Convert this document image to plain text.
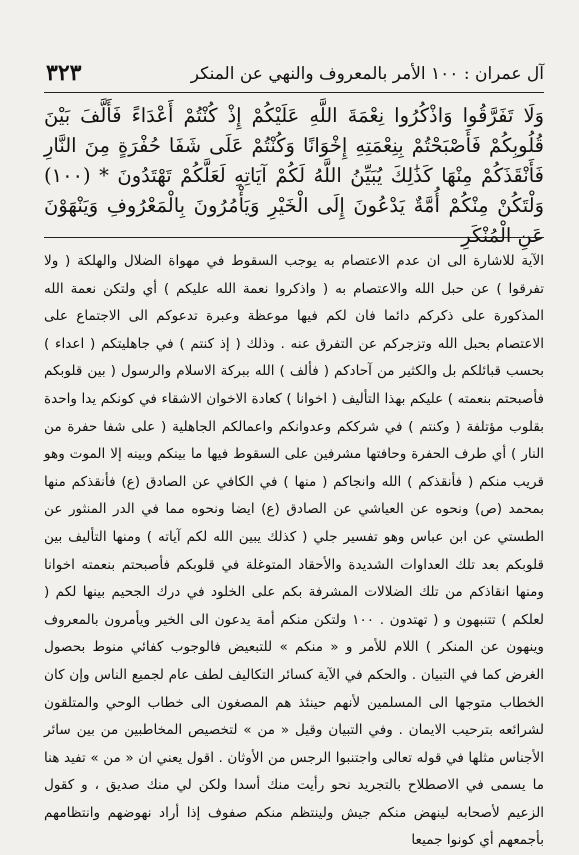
آل عمران : ١٠٠ الأمر بالمعروف والنهي عن المنكر
٣٢٣
وَلَا تَفَرَّقُوا وَاذْكُرُوا نِعْمَةَ اللَّهِ عَلَيْكُمْ إِذْ كُنْتُمْ أَعْدَاءً فَأَلَّفَ بَيْنَ قُلُوبِكُمْ فَأَصْبَحْتُمْ بِنِعْمَتِهِ إِخْوَانًا وَكُنْتُمْ عَلَى شَفَا حُفْرَةٍ مِنَ النَّارِ فَأَنْقَذَكُمْ مِنْهَا كَذَٰلِكَ يُبَيِّنُ اللَّهُ لَكُمْ آيَاتِهِ لَعَلَّكُمْ تَهْتَدُونَ * (١٠٠) وَلْتَكُنْ مِنْكُمْ أُمَّةٌ يَدْعُونَ إِلَى الْخَيْرِ وَيَأْمُرُونَ بِالْمَعْرُوفِ وَيَنْهَوْنَ عَنِ الْمُنْكَرِ
الآية للاشارة الى ان عدم الاعتصام به يوجب السقوط في مهواة الضلال والهلكة ( ولا تفرقوا ) عن حبل الله والاعتصام به ( واذكروا نعمة الله عليكم ) أي ولتكن نعمة الله المذكورة على ذكركم دائما فان لكم فيها موعظة وعبرة تدعوكم الى الاجتماع على الاعتصام بحبل الله وتزجركم عن التفرق عنه . وذلك ( إذ كنتم ) في جاهليتكم ( اعداء ) بحسب قبائلكم بل والكثير من آحادكم ( فألف ) الله ببركة الاسلام والرسول ( بين قلوبكم فأصبحتم بنعمته ) عليكم بهذا التأليف ( اخوانا ) كعادة الاخوان الاشقاء في كونكم يدا واحدة بقلوب مؤتلفة ( وكنتم ) في شرككم وعدوانكم واعمالكم الجاهلية ( على شفا حفرة من النار ) أي طرف الحفرة وحافتها مشرفين على السقوط فيها ما بينكم وبينه إلا الموت وهو قريب منكم ( فأنقذكم ) الله وانجاكم ( منها ) في الكافي عن الصادق (ع) فأنقذكم منها بمحمد (ص) ونحوه عن العياشي عن الصادق (ع) ايضا ونحوه مما في الدر المنثور عن الطستي عن ابن عباس وهو تفسير جلي ( كذلك يبين الله لكم آياته ) ومنها التأليف بين قلوبكم بعد تلك العداوات الشديدة والأحقاد المتوغلة في قلوبكم فأصبحتم بنعمته اخوانا ومنها انقاذكم من تلك الضلالات المشرفة بكم على الخلود في درك الجحيم بينها لكم ( لعلكم ) تتنبهون و ( تهتدون . ١٠٠ ولتكن منكم أمة يدعون الى الخير ويأمرون بالمعروف وينهون عن المنكر ) اللام للأمر و « منكم » للتبعيض فالوجوب كفائي منوط بحصول الغرض كما في التبيان . والحكم في الآية كسائر التكاليف لطف عام لجميع الناس وإن كان الخطاب متوجها الى المسلمين لأنهم حينئذ هم المصغون الى خطاب الوحي والمتلقون لشرائعه بترحيب الايمان . وفي التبيان وقيل « من » لتخصيص المخاطبين من بين سائر الأجناس مثلها في قوله تعالى واجتنبوا الرجس من الأوثان . اقول يعني ان « من » تفيد هنا ما يسمى في الاصطلاح بالتجريد نحو رأيت منك أسدا ولكن لي منك صديق ، و كقول الزعيم لأصحابه لينهض منكم جيش ولينتظم منكم صفوف إذا أراد نهوضهم وانتظامهم بأجمعهم أي كونوا جميعا
